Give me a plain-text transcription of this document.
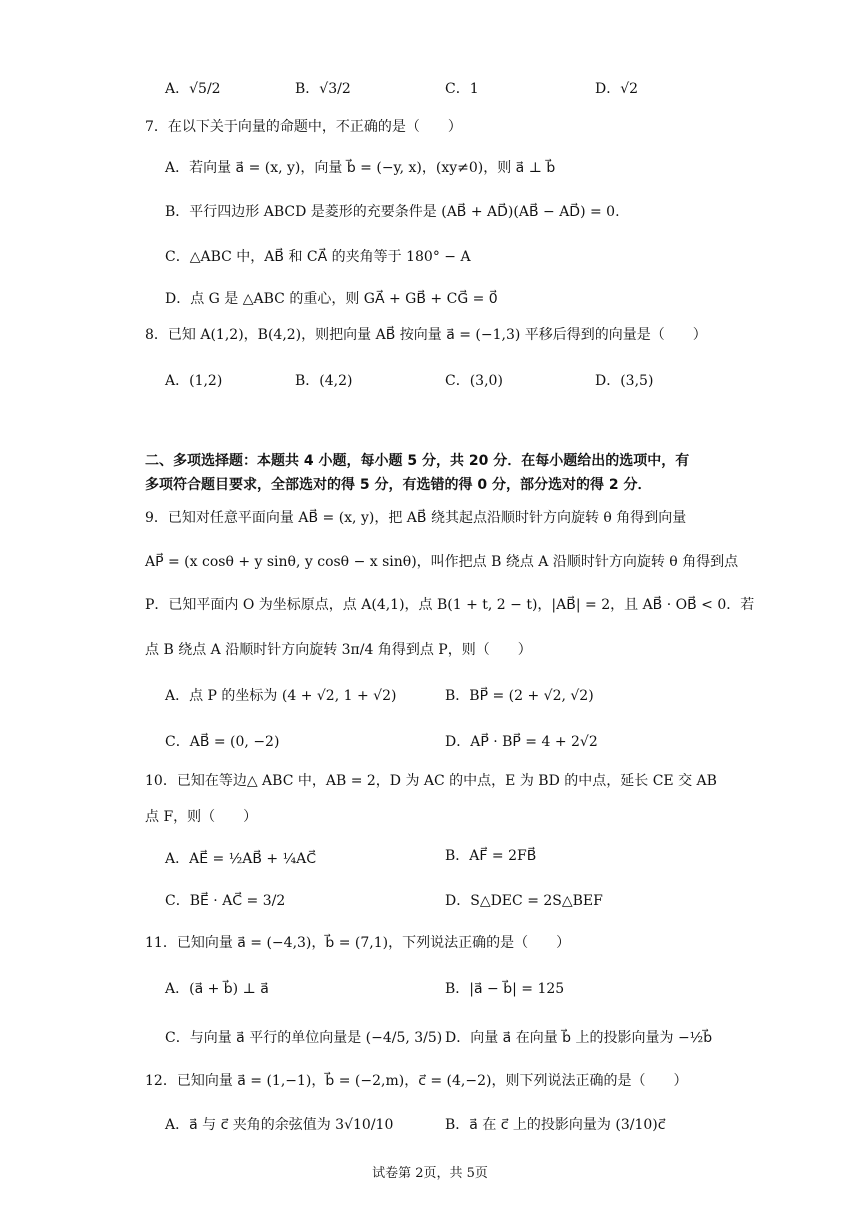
A．√5/2	B．√3/2	C．1	D．√2
7．在以下关于向量的命题中，不正确的是（　　）
A．若向量 a⃗ = (x, y)，向量 b⃗ = (−y, x)，(xy≠0)，则 a⃗ ⊥ b⃗
B．平行四边形 ABCD 是菱形的充要条件是 (AB⃗ + AD⃗)(AB⃗ − AD⃗) = 0.
C．△ABC 中，AB⃗ 和 CA⃗ 的夹角等于 180° − A
D．点 G 是 △ABC 的重心，则 GA⃗ + GB⃗ + CG⃗ = 0⃗
8．已知 A(1,2)，B(4,2)，则把向量 AB⃗ 按向量 a⃗ = (−1,3) 平移后得到的向量是（　　）
A．(1,2)	B．(4,2)	C．(3,0)	D．(3,5)
二、多项选择题：本题共 4 小题，每小题 5 分，共 20 分．在每小题给出的选项中，有
多项符合题目要求，全部选对的得 5 分，有选错的得 0 分，部分选对的得 2 分．
9．已知对任意平面向量 AB⃗ = (x, y)，把 AB⃗ 绕其起点沿顺时针方向旋转 θ 角得到向量
AP⃗ = (x cosθ + y sinθ, y cosθ − x sinθ)，叫作把点 B 绕点 A 沿顺时针方向旋转 θ 角得到点
P．已知平面内 O 为坐标原点，点 A(4,1)，点 B(1 + t, 2 − t)，|AB⃗| = 2，且 AB⃗ · OB⃗ < 0．若
点 B 绕点 A 沿顺时针方向旋转 3π/4 角得到点 P，则（　　）
A．点 P 的坐标为 (4 + √2, 1 + √2)	B．BP⃗ = (2 + √2, √2)
C．AB⃗ = (0, −2)	D．AP⃗ · BP⃗ = 4 + 2√2
10．已知在等边△ ABC 中，AB = 2，D 为 AC 的中点，E 为 BD 的中点，延长 CE 交 AB
点 F，则（　　）
A．AE⃗ = ½AB⃗ + ¼AC⃗	B．AF⃗ = 2FB⃗
C．BE⃗ · AC⃗ = 3/2	D．S△DEC = 2S△BEF
11．已知向量 a⃗ = (−4,3)，b⃗ = (7,1)，下列说法正确的是（　　）
A．(a⃗ + b⃗) ⊥ a⃗	B．|a⃗ − b⃗| = 125
C．与向量 a⃗ 平行的单位向量是 (−4/5, 3/5) D．向量 a⃗ 在向量 b⃗ 上的投影向量为 −½b⃗
12．已知向量 a⃗ = (1,−1)，b⃗ = (−2,m)，c⃗ = (4,−2)，则下列说法正确的是（　　）
A．a⃗ 与 c⃗ 夹角的余弦值为 3√10/10	B．a⃗ 在 c⃗ 上的投影向量为 (3/10)c⃗
试卷第 2页，共 5页
